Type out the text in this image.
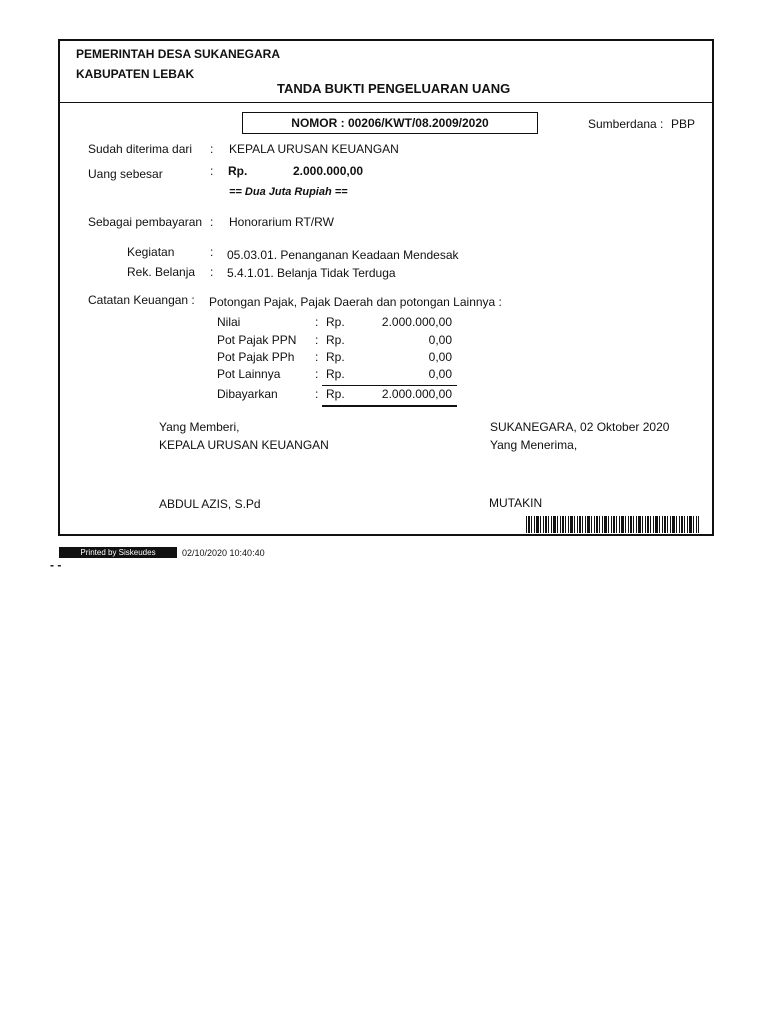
PEMERINTAH DESA SUKANEGARA
KABUPATEN LEBAK
TANDA BUKTI PENGELUARAN UANG
NOMOR : 00206/KWT/08.2009/2020	Sumberdana : PBP
Sudah diterima dari : KEPALA URUSAN KEUANGAN
Uang sebesar	: Rp.	2.000.000,00
== Dua Juta Rupiah ==
Sebagai pembayaran : Honorarium RT/RW
Kegiatan	: 05.03.01. Penanganan Keadaan Mendesak
Rek. Belanja : 5.4.1.01. Belanja Tidak Terduga
Catatan Keuangan : Potongan Pajak, Pajak Daerah dan potongan Lainnya :
Nilai	: Rp.	2.000.000,00
Pot Pajak PPN : Rp.	0,00
Pot Pajak PPh : Rp.	0,00
Pot Lainnya	: Rp.	0,00
Dibayarkan	: Rp.	2.000.000,00
Yang Memberi,
KEPALA URUSAN KEUANGAN
ABDUL AZIS, S.Pd
SUKANEGARA, 02 Oktober 2020
Yang Menerima,
MUTAKIN
Printed by Siskeudes	02/10/2020 10:40:40
- -
